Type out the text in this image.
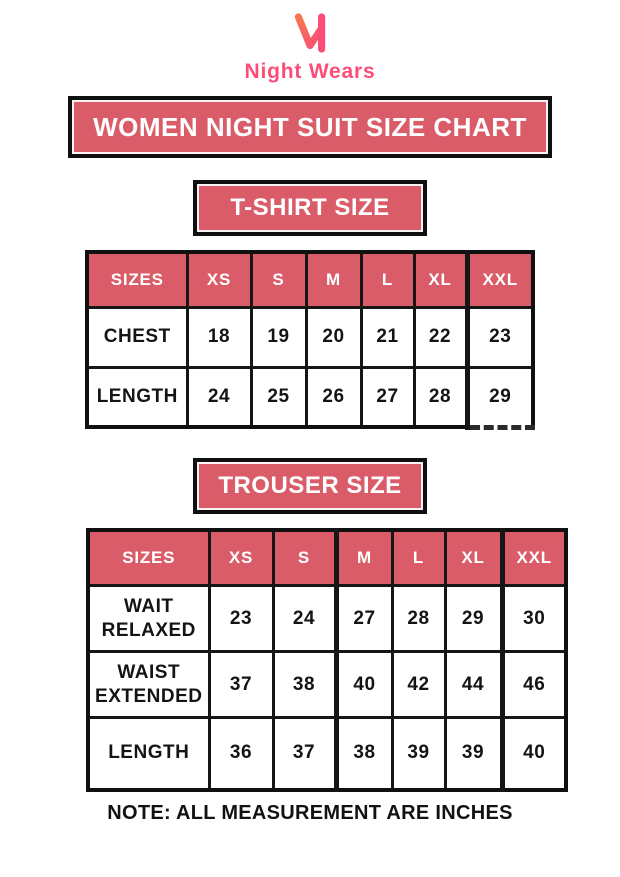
Night Wears
WOMEN NIGHT SUIT SIZE CHART
T-SHIRT SIZE
SIZES	XS	S	M	L	XL	XXL
CHEST	18	19	20	21	22	23
LENGTH	24	25	26	27	28	29
TROUSER SIZE
SIZES	XS	S	M	L	XL	XXL
WAIT RELAXED	23	24	27	28	29	30
WAIST EXTENDED	37	38	40	42	44	46
LENGTH	36	37	38	39	39	40
NOTE: ALL MEASUREMENT ARE INCHES
